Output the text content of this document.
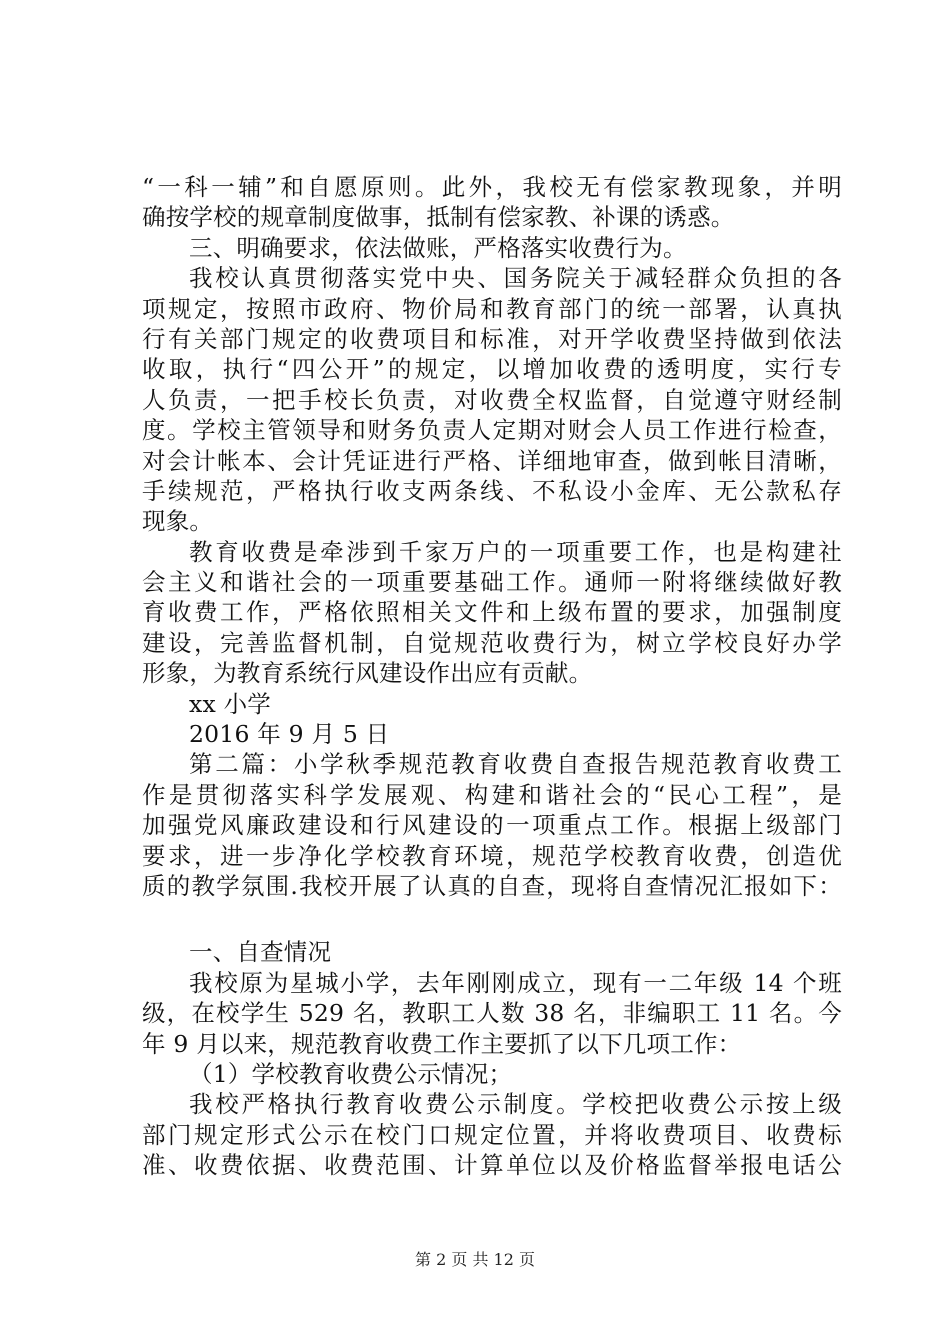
“一科一辅”和自愿原则。此外，我校无有偿家教现象，并明
确按学校的规章制度做事，抵制有偿家教、补课的诱惑。
三、明确要求，依法做账，严格落实收费行为。
我校认真贯彻落实党中央、国务院关于减轻群众负担的各
项规定，按照市政府、物价局和教育部门的统一部署，认真执
行有关部门规定的收费项目和标准，对开学收费坚持做到依法
收取，执行“四公开”的规定，以增加收费的透明度，实行专
人负责，一把手校长负责，对收费全权监督，自觉遵守财经制
度。学校主管领导和财务负责人定期对财会人员工作进行检查，
对会计帐本、会计凭证进行严格、详细地审查，做到帐目清晰，
手续规范，严格执行收支两条线、不私设小金库、无公款私存
现象。
教育收费是牵涉到千家万户的一项重要工作，也是构建社
会主义和谐社会的一项重要基础工作。通师一附将继续做好教
育收费工作，严格依照相关文件和上级布置的要求，加强制度
建设，完善监督机制，自觉规范收费行为，树立学校良好办学
形象，为教育系统行风建设作出应有贡献。
xx 小学
2016 年 9 月 5 日
第二篇：小学秋季规范教育收费自查报告规范教育收费工
作是贯彻落实科学发展观、构建和谐社会的“民心工程”，是
加强党风廉政建设和行风建设的一项重点工作。根据上级部门
要求，进一步净化学校教育环境，规范学校教育收费，创造优
质的教学氛围.我校开展了认真的自查，现将自查情况汇报如下：
一、自查情况
我校原为星城小学，去年刚刚成立，现有一二年级 14 个班
级，在校学生 529 名，教职工人数 38 名，非编职工 11 名。今
年 9 月以来，规范教育收费工作主要抓了以下几项工作：
（1）学校教育收费公示情况；
我校严格执行教育收费公示制度。学校把收费公示按上级
部门规定形式公示在校门口规定位置，并将收费项目、收费标
准、收费依据、收费范围、计算单位以及价格监督举报电话公
第 2 页 共 12 页
